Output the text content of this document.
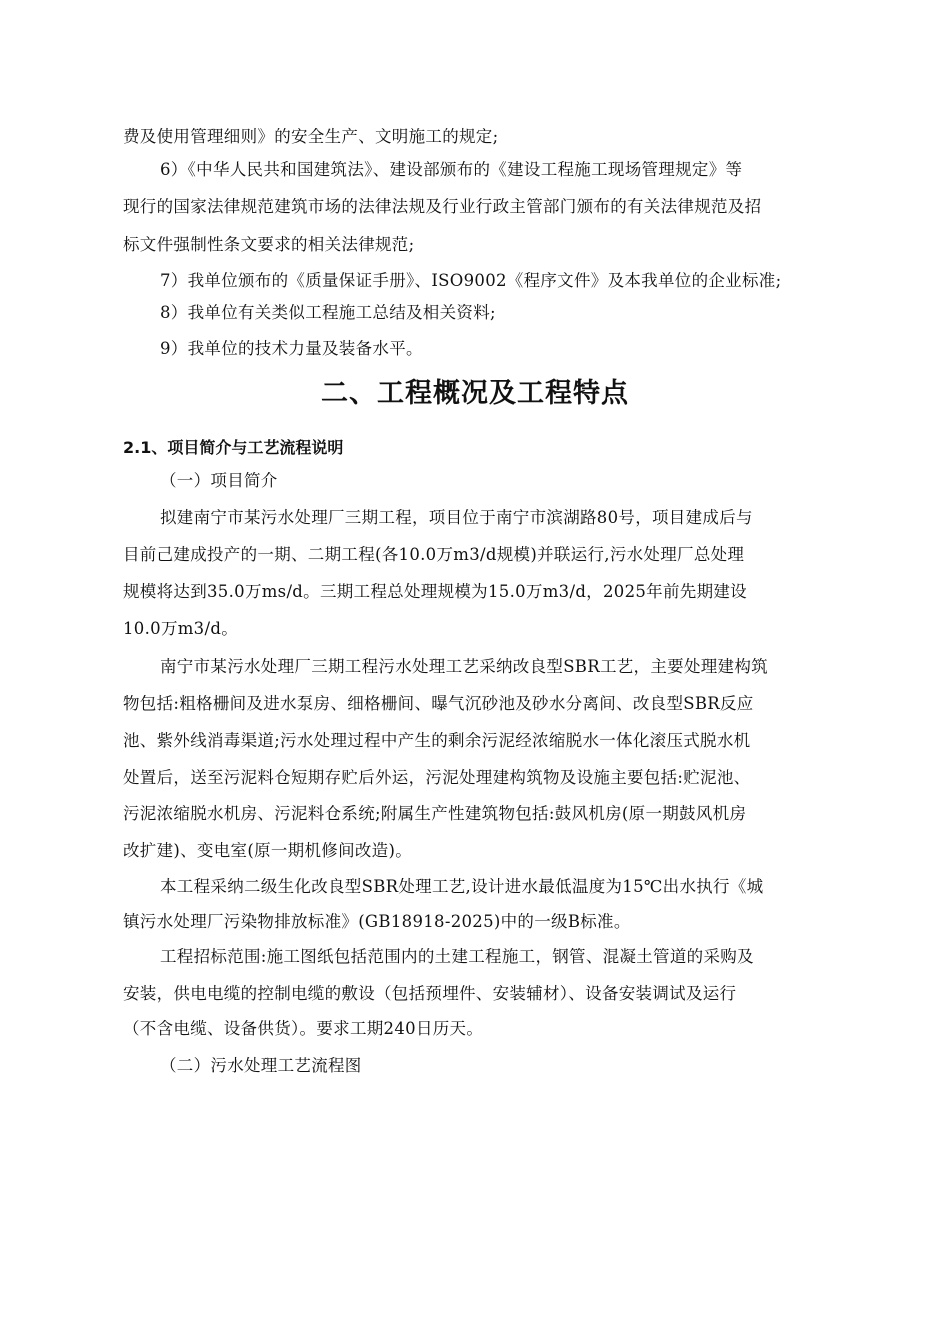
费及使用管理细则》的安全生产、文明施工的规定;
6）《中华人民共和国建筑法》、建设部颁布的《建设工程施工现场管理规定》等
现行的国家法律规范建筑市场的法律法规及行业行政主管部门颁布的有关法律规范及招
标文件强制性条文要求的相关法律规范;
7）我单位颁布的《质量保证手册》、ISO9002《程序文件》及本我单位的企业标准;
8）我单位有关类似工程施工总结及相关资料;
9）我单位的技术力量及装备水平。
二、工程概况及工程特点
2.1、项目简介与工艺流程说明
（一）项目简介
拟建南宁市某污水处理厂三期工程，项目位于南宁市滨湖路80号，项目建成后与
目前己建成投产的一期、二期工程(各10.0万m3/d规模)并联运行,污水处理厂总处理
规模将达到35.0万ms/d。三期工程总处理规模为15.0万m3/d，2025年前先期建设
10.0万m3/d。
南宁市某污水处理厂三期工程污水处理工艺采纳改良型SBR工艺，主要处理建构筑
物包括:粗格栅间及进水泵房、细格栅间、曝气沉砂池及砂水分离间、改良型SBR反应
池、紫外线消毒渠道;污水处理过程中产生的剩余污泥经浓缩脱水一体化滚压式脱水机
处置后，送至污泥料仓短期存贮后外运，污泥处理建构筑物及设施主要包括:贮泥池、
污泥浓缩脱水机房、污泥料仓系统;附属生产性建筑物包括:鼓风机房(原一期鼓风机房
改扩建)、变电室(原一期机修间改造)。
本工程采纳二级生化改良型SBR处理工艺,设计进水最低温度为15℃出水执行《城
镇污水处理厂污染物排放标准》(GB18918-2025)中的一级B标准。
工程招标范围:施工图纸包括范围内的土建工程施工，钢管、混凝土管道的采购及
安装，供电电缆的控制电缆的敷设（包括预埋件、安装辅材）、设备安装调试及运行
（不含电缆、设备供货）。要求工期240日历天。
（二）污水处理工艺流程图
